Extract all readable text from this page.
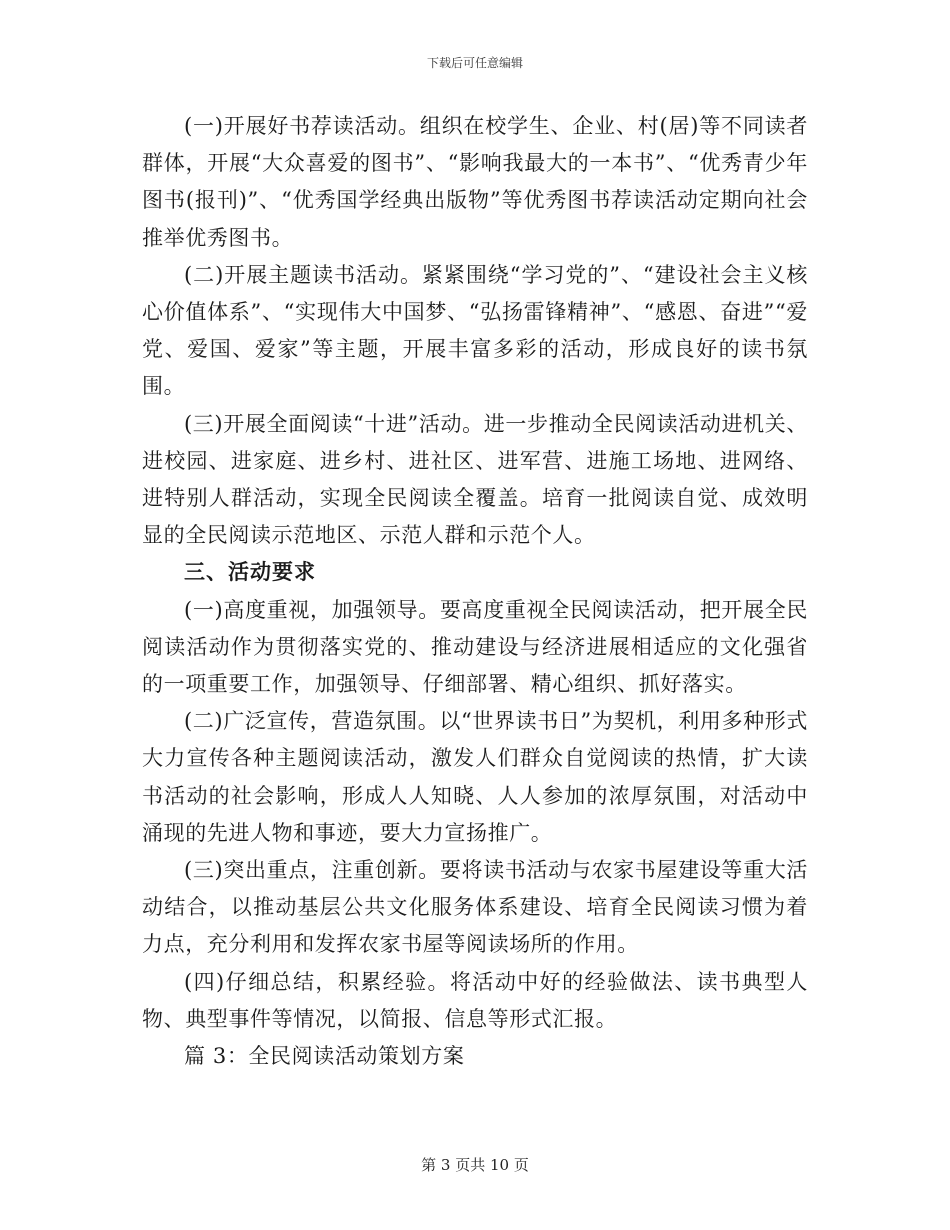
下载后可任意编辑

(一)开展好书荐读活动。组织在校学生、企业、村(居)等不同读者群体，开展“大众喜爱的图书”、“影响我最大的一本书”、“优秀青少年图书(报刊)”、“优秀国学经典出版物”等优秀图书荐读活动定期向社会推举优秀图书。

(二)开展主题读书活动。紧紧围绕“学习党的”、“建设社会主义核心价值体系”、“实现伟大中国梦、“弘扬雷锋精神”、“感恩、奋进”“爱党、爱国、爱家”等主题，开展丰富多彩的活动，形成良好的读书氛围。

(三)开展全面阅读“十进”活动。进一步推动全民阅读活动进机关、进校园、进家庭、进乡村、进社区、进军营、进施工场地、进网络、进特别人群活动，实现全民阅读全覆盖。培育一批阅读自觉、成效明显的全民阅读示范地区、示范人群和示范个人。

三、活动要求

(一)高度重视，加强领导。要高度重视全民阅读活动，把开展全民阅读活动作为贯彻落实党的、推动建设与经济进展相适应的文化强省的一项重要工作，加强领导、仔细部署、精心组织、抓好落实。

(二)广泛宣传，营造氛围。以“世界读书日”为契机，利用多种形式大力宣传各种主题阅读活动，激发人们群众自觉阅读的热情，扩大读书活动的社会影响，形成人人知晓、人人参加的浓厚氛围，对活动中涌现的先进人物和事迹，要大力宣扬推广。

(三)突出重点，注重创新。要将读书活动与农家书屋建设等重大活动结合，以推动基层公共文化服务体系建设、培育全民阅读习惯为着力点，充分利用和发挥农家书屋等阅读场所的作用。

(四)仔细总结，积累经验。将活动中好的经验做法、读书典型人物、典型事件等情况，以简报、信息等形式汇报。

篇 3：全民阅读活动策划方案

第 3 页共 10 页
